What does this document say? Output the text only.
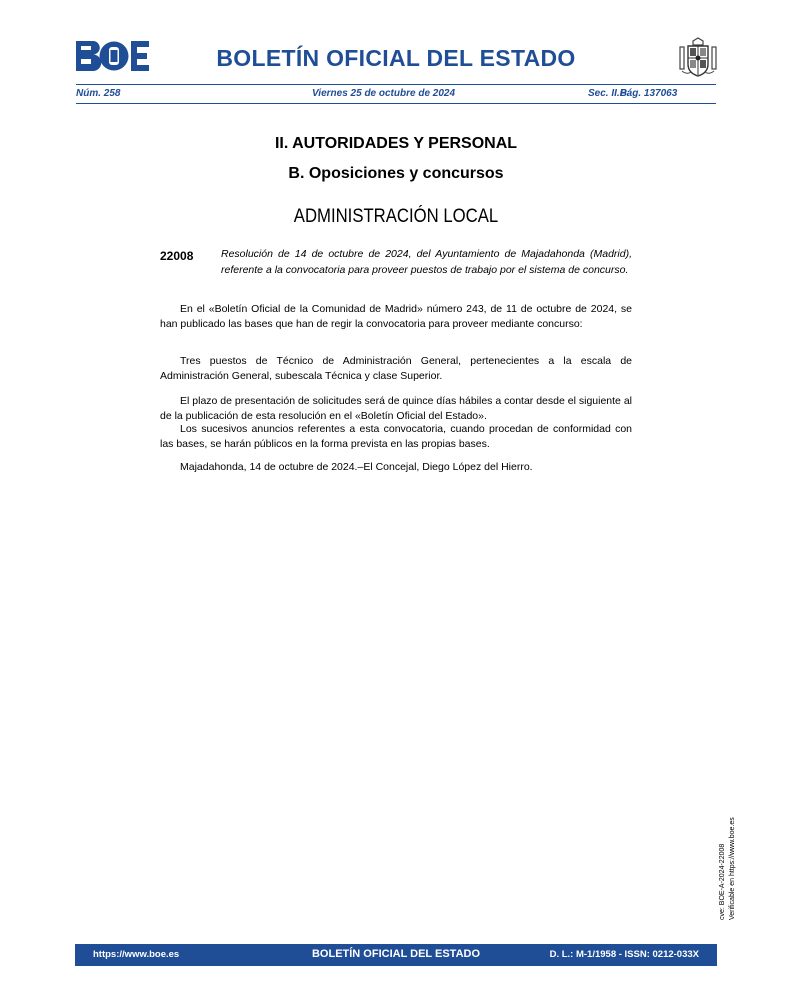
BOLETÍN OFICIAL DEL ESTADO
Núm. 258	Viernes 25 de octubre de 2024	Sec. II.B.
Pág. 137063
II. AUTORIDADES Y PERSONAL
B. Oposiciones y concursos
ADMINISTRACIÓN LOCAL
22008	Resolución de 14 de octubre de 2024, del Ayuntamiento de Majadahonda (Madrid), referente a la convocatoria para proveer puestos de trabajo por el sistema de concurso.

En el «Boletín Oficial de la Comunidad de Madrid» número 243, de 11 de octubre de 2024, se han publicado las bases que han de regir la convocatoria para proveer mediante concurso:

Tres puestos de Técnico de Administración General, pertenecientes a la escala de Administración General, subescala Técnica y clase Superior.

El plazo de presentación de solicitudes será de quince días hábiles a contar desde el siguiente al de la publicación de esta resolución en el «Boletín Oficial del Estado».

Los sucesivos anuncios referentes a esta convocatoria, cuando procedan de conformidad con las bases, se harán públicos en la forma prevista en las propias bases.

Majadahonda, 14 de octubre de 2024.–El Concejal, Diego López del Hierro.

cve: BOE-A-2024-22008 Verificable en https://www.boe.es
https://www.boe.es	BOLETÍN OFICIAL DEL ESTADO	D. L.: M-1/1958 - ISSN: 0212-033X
